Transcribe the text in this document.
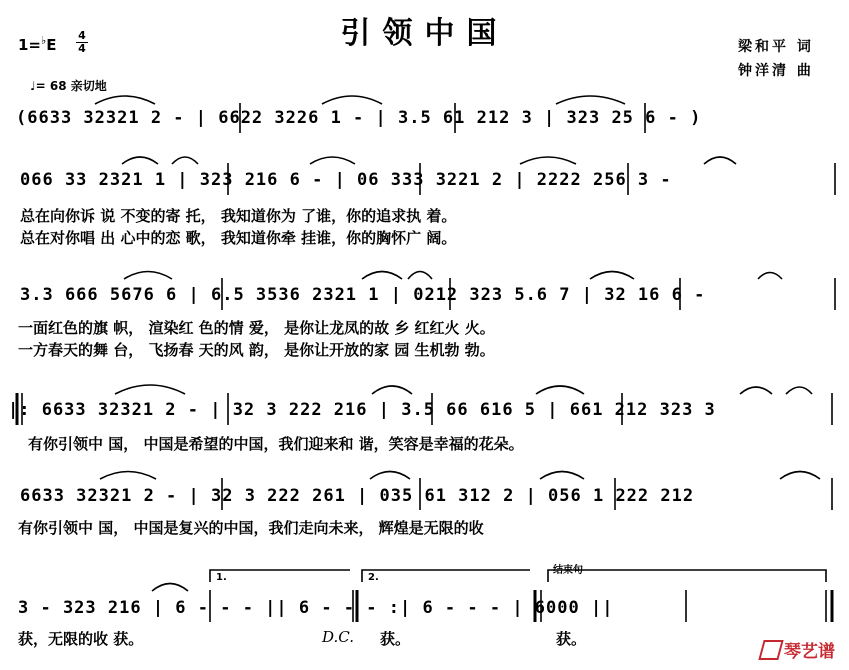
引领中国
1=♭E
4
4	梁和平 词
钟洋清 曲
♩= 68 亲切地
(6633 32321 2 - | 6622 3226 1 - | 3.5 61 212 3 | 323 25 6 - )
066 33 2321 1 | 323 216 6 - | 06 333 3221 2 | 2222 256 3 -
总在向你诉 说 不变的寄 托， 我知道你为 了谁，你的追求执 着。
总在对你唱 出 心中的恋 歌， 我知道你牵 挂谁，你的胸怀广 阔。
3.3 666 5676 6 | 6.5 3536 2321 1 | 0212 323 5.6 7 | 32 16 6 -
一面红色的旗 帜， 渲染红 色的情 爱， 是你让龙凤的故 乡 红红火 火。
一方春天的舞 台， 飞扬春 天的风 韵， 是你让开放的家 园 生机勃 勃。
|: 6633 32321 2 - | 32 3 222 216 | 3.5 66 616 5 | 661 212 323 3
有你引领中 国， 中国是希望的中国，我们迎来和 谐，笑容是幸福的花朵。
6633 32321 2 - | 32 3 222 261 | 035 61 312 2 | 056 1 222 212
有你引领中 国， 中国是复兴的中国，我们走向未来， 辉煌是无限的收
1.	2.
结束句
3 - 323 216 | 6 - - - || 6 - - - :| 6 - - - | 6000 ||
获，无限的收 获。	D.C. 获。	获。
琴艺谱
